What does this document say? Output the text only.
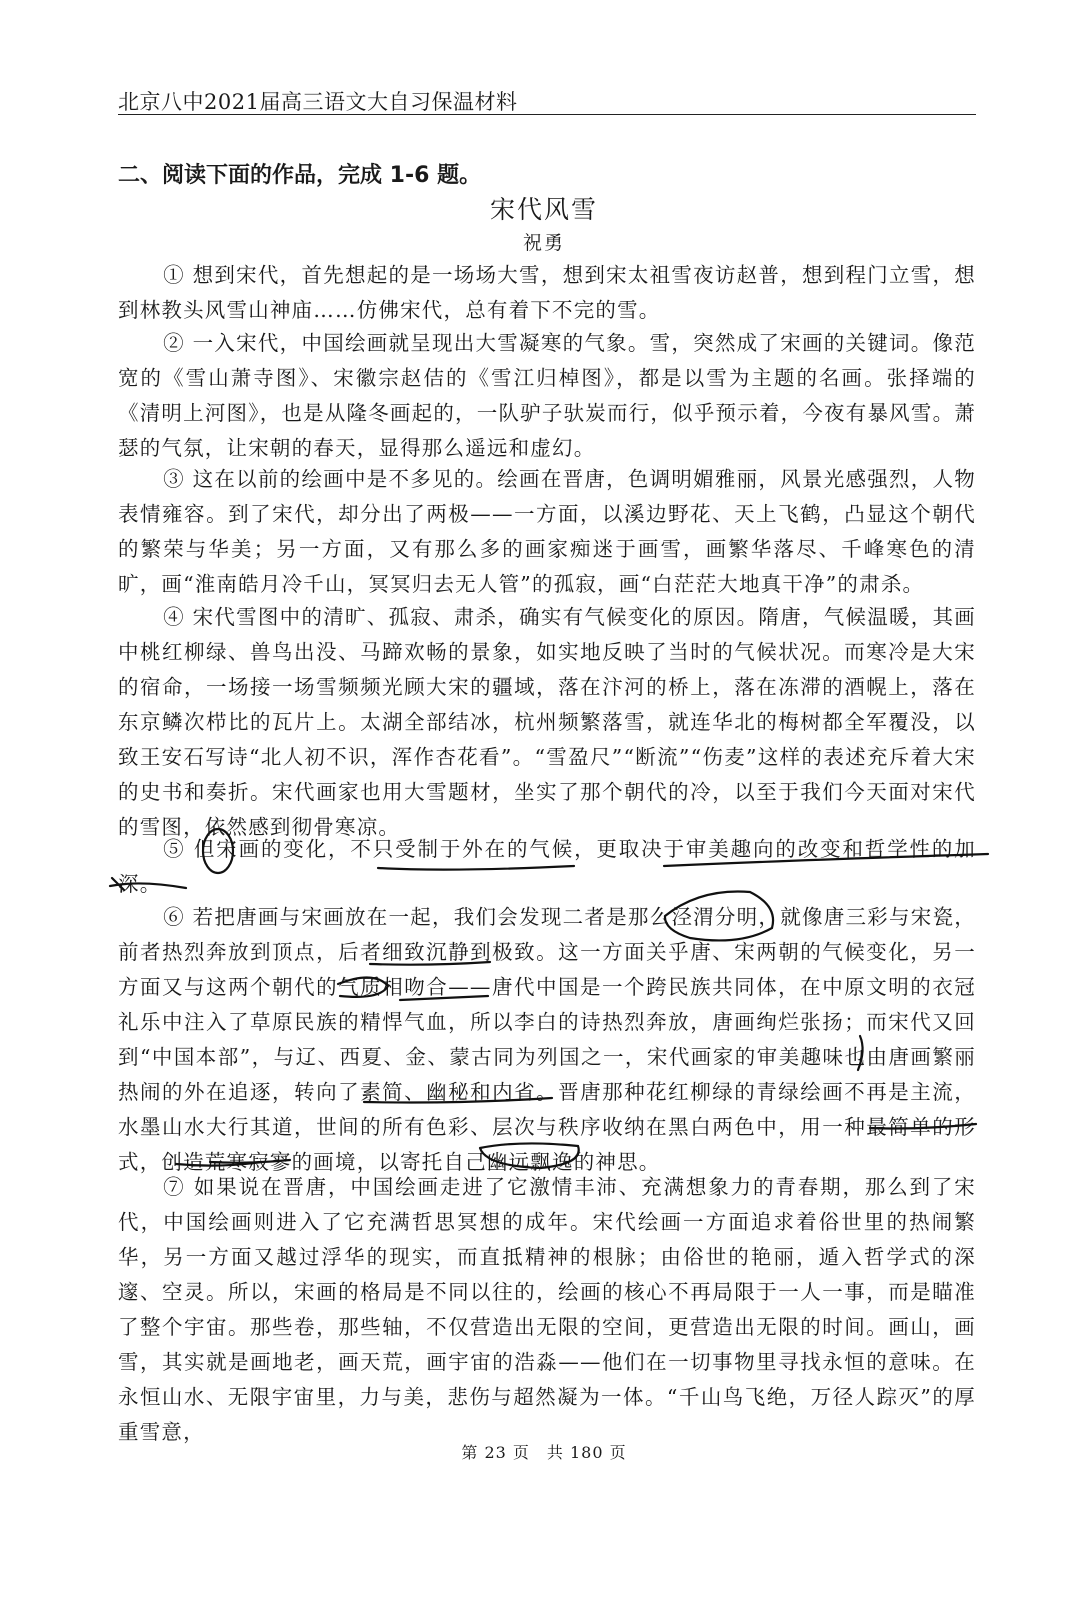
北京八中2021届高三语文大自习保温材料
二、阅读下面的作品，完成 1-6 题。
宋代风雪
祝勇

① 想到宋代，首先想起的是一场场大雪，想到宋太祖雪夜访赵普，想到程门立雪，想到林教头风雪山神庙……仿佛宋代，总有着下不完的雪。

② 一入宋代，中国绘画就呈现出大雪凝寒的气象。雪，突然成了宋画的关键词。像范宽的《雪山萧寺图》、宋徽宗赵佶的《雪江归棹图》，都是以雪为主题的名画。张择端的《清明上河图》，也是从隆冬画起的，一队驴子驮炭而行，似乎预示着，今夜有暴风雪。萧瑟的气氛，让宋朝的春天，显得那么遥远和虚幻。

③ 这在以前的绘画中是不多见的。绘画在晋唐，色调明媚雅丽，风景光感强烈，人物表情雍容。到了宋代，却分出了两极——一方面，以溪边野花、天上飞鹤，凸显这个朝代的繁荣与华美；另一方面，又有那么多的画家痴迷于画雪，画繁华落尽、千峰寒色的清旷，画“淮南皓月冷千山，冥冥归去无人管”的孤寂，画“白茫茫大地真干净”的肃杀。

④ 宋代雪图中的清旷、孤寂、肃杀，确实有气候变化的原因。隋唐，气候温暖，其画中桃红柳绿、兽鸟出没、马蹄欢畅的景象，如实地反映了当时的气候状况。而寒冷是大宋的宿命，一场接一场雪频频光顾大宋的疆域，落在汴河的桥上，落在冻滞的酒幌上，落在东京鳞次栉比的瓦片上。太湖全部结冰，杭州频繁落雪，就连华北的梅树都全军覆没，以致王安石写诗“北人初不识，浑作杏花看”。“雪盈尺”“断流”“伤麦”这样的表述充斥着大宋的史书和奏折。宋代画家也用大雪题材，坐实了那个朝代的冷，以至于我们今天面对宋代的雪图，依然感到彻骨寒凉。

⑤ 但宋画的变化，不只受制于外在的气候，更取决于审美趣向的改变和哲学性的加深。

⑥ 若把唐画与宋画放在一起，我们会发现二者是那么泾渭分明，就像唐三彩与宋瓷，前者热烈奔放到顶点，后者细致沉静到极致。这一方面关乎唐、宋两朝的气候变化，另一方面又与这两个朝代的气质相吻合——唐代中国是一个跨民族共同体，在中原文明的衣冠礼乐中注入了草原民族的精悍气血，所以李白的诗热烈奔放，唐画绚烂张扬；而宋代又回到“中国本部”，与辽、西夏、金、蒙古同为列国之一，宋代画家的审美趣味也由唐画繁丽热闹的外在追逐，转向了素简、幽秘和内省。晋唐那种花红柳绿的青绿绘画不再是主流，水墨山水大行其道，世间的所有色彩、层次与秩序收纳在黑白两色中，用一种最简单的形式，创造荒寒寂寥的画境，以寄托自己幽远飘逸的神思。

⑦ 如果说在晋唐，中国绘画走进了它激情丰沛、充满想象力的青春期，那么到了宋代，中国绘画则进入了它充满哲思冥想的成年。宋代绘画一方面追求着俗世里的热闹繁华，另一方面又越过浮华的现实，而直抵精神的根脉；由俗世的艳丽，遁入哲学式的深邃、空灵。所以，宋画的格局是不同以往的，绘画的核心不再局限于一人一事，而是瞄准了整个宇宙。那些卷，那些轴，不仅营造出无限的空间，更营造出无限的时间。画山，画雪，其实就是画地老，画天荒，画宇宙的浩淼——他们在一切事物里寻找永恒的意味。在永恒山水、无限宇宙里，力与美，悲伤与超然凝为一体。“千山鸟飞绝，万径人踪灭”的厚重雪意，

第 23 页　共 180 页
